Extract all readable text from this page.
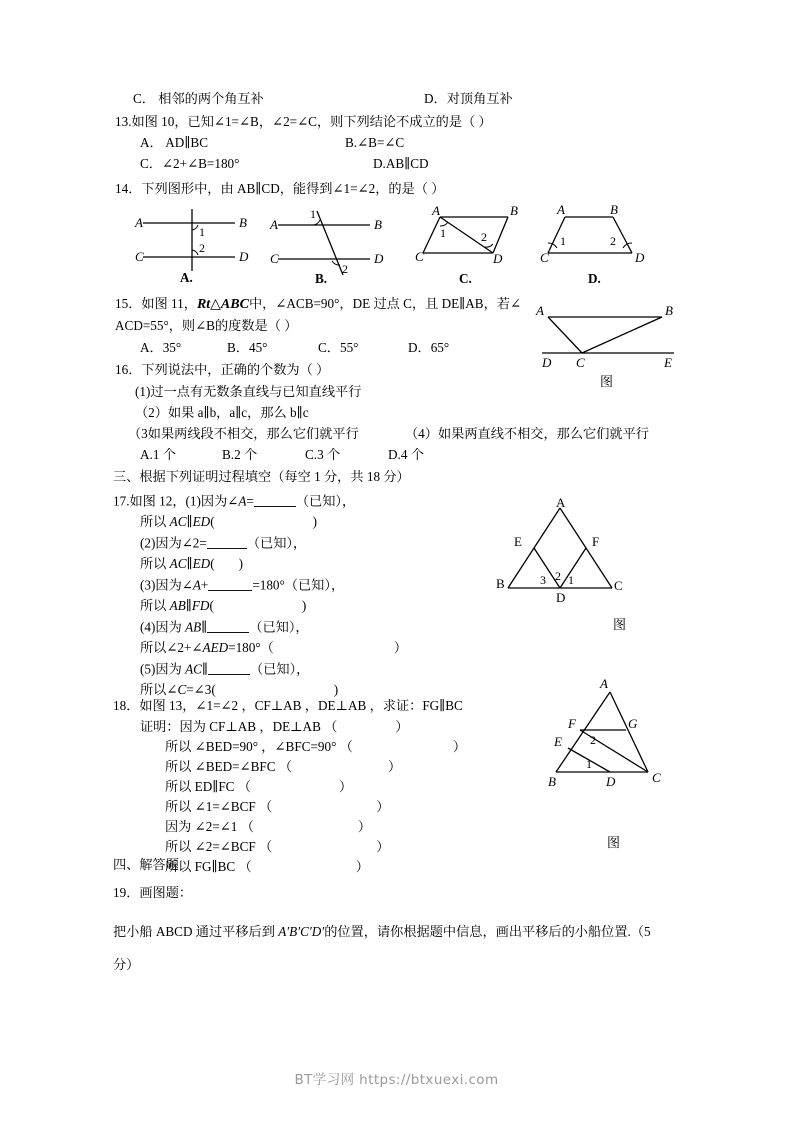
C． 相邻的两个角互补	D．对顶角互补
13.如图 10，已知∠1=∠B，∠2=∠C，则下列结论不成立的是（ ）
A． AD∥BC	B.∠B=∠C
C．∠2+∠B=180°	D.AB∥CD
14．下列图形中，由 AB∥CD，能得到∠1=∠2，的是（ ）
A	B
C	D
1
2
A.
A	B
C	D
1
2
B.
A	B
C	D
1	2
C.
A	B
C	D
1	2
D.
15．如图 11，Rt△ABC中，∠ACB=90°，DE 过点 C，且 DE∥AB，若∠
ACD=55°，则∠B的度数是（ ）
A．35°	B．45°	C．55°	D．65°
A	B
C
D	E
图
16．下列说法中，正确的个数为（ ）
(1)过一点有无数条直线与已知直线平行
（2）如果 a∥b，a∥c，那么 b∥c
（3如果两线段不相交，那么它们就平行	（4）如果两直线不相交，那么它们就平行
A.1 个	B.2 个	C.3 个	D.4 个
三、根据下列证明过程填空（每空 1 分，共 18 分）
17.如图 12，(1)因为∠A=	（已知），
所以 AC∥ED(	)
(2)因为∠2=	（已知），
所以 AC∥ED( )
(3)因为∠A+	=180°（已知），
所以 AB∥FD(	)
(4)因为 AB∥	（已知），
所以∠2+∠AED=180°（	）
(5)因为 AC∥	（已知），
所以∠C=∠3(	)
A
E	F
B	C
D
3 2 1
图
18．如图 13，∠1=∠2 ，CF⊥AB ，DE⊥AB ，求证：FG∥BC
证明：因为 CF⊥AB ，DE⊥AB （	）
所以 ∠BED=90° ，∠BFC=90° （	）
所以 ∠BED=∠BFC （	）
所以 ED∥FC （	）
所以 ∠1=∠BCF （	）
因为 ∠2=∠1 （	）
所以 ∠2=∠BCF （	）
所以 FG∥BC （	）
A
F	G
E
B	D	C
2
1
图
四、解答题
19．画图题：
把小船 ABCD 通过平移后到 A′B′C′D′的位置，请你根据题中信息，画出平移后的小船位置.（5
分）
BT学习网 https://btxuexi.com
